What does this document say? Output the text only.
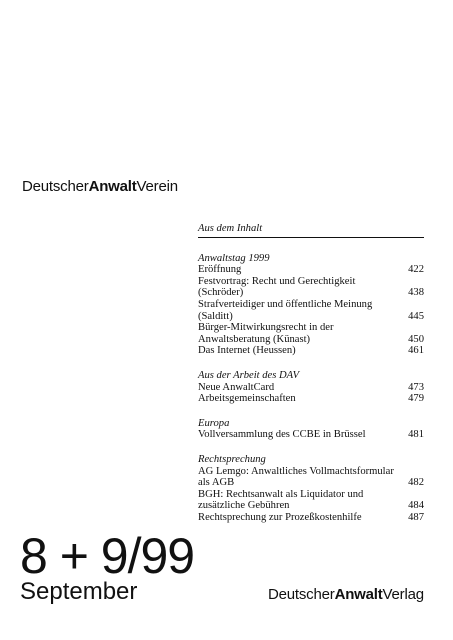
DeutscherAnwaltVerein
Aus dem Inhalt
Anwaltstag 1999
Eröffnung	422
Festvortrag: Recht und Gerechtigkeit
(Schröder)	438
Strafverteidiger und öffentliche Meinung
(Salditt)	445
Bürger-Mitwirkungsrecht in der
Anwaltsberatung (Künast)	450
Das Internet (Heussen)	461
Aus der Arbeit des DAV
Neue AnwaltCard	473
Arbeitsgemeinschaften	479
Europa
Vollversammlung des CCBE in Brüssel	481
Rechtsprechung
AG Lemgo: Anwaltliches Vollmachtsformular
als AGB	482
BGH: Rechtsanwalt als Liquidator und
zusätzliche Gebühren	484
Rechtsprechung zur Prozeßkostenhilfe	487
8 + 9/99
September	DeutscherAnwaltVerlag
